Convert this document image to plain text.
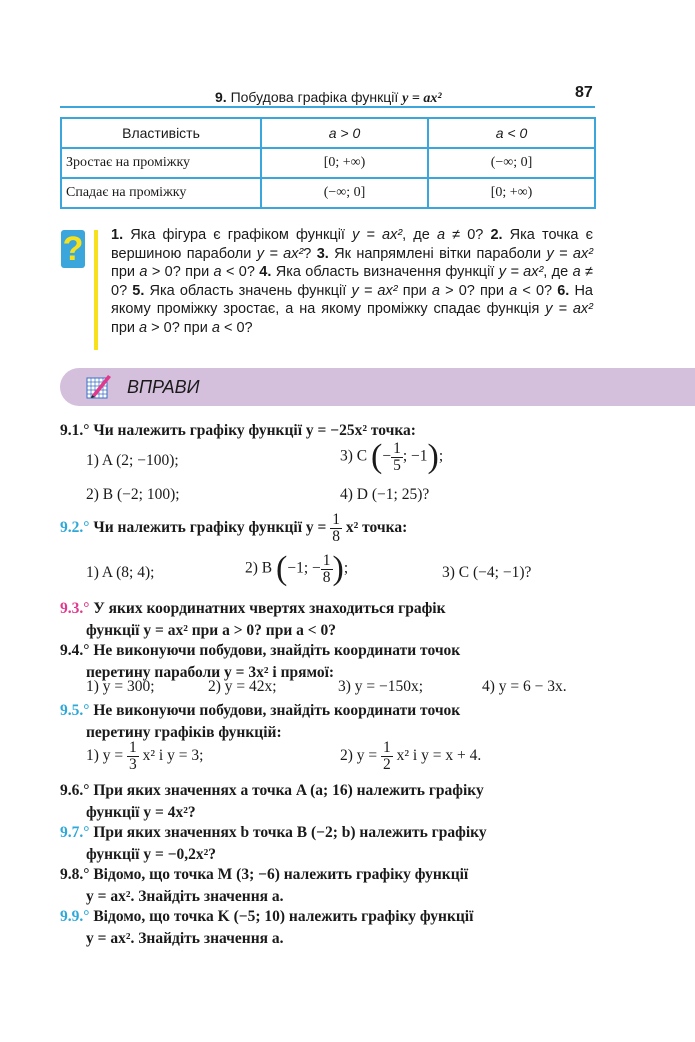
9. Побудова графіка функції y = ax²	87
Властивість	a > 0	a < 0
Зростає на проміжку	[0; +∞)	(−∞; 0]
Спадає на проміжку	(−∞; 0]	[0; +∞)
? 1. Яка фігура є графіком функції y = ax², де a ≠ 0? 2. Яка точка є вершиною параболи y = ax²? 3. Як напрямлені вітки параболи y = ax² при a > 0? при a < 0? 4. Яка область визначення функції y = ax², де a ≠ 0? 5. Яка область значень функції y = ax² при a > 0? при a < 0? 6. На якому проміжку зростає, а на якому проміжку спадає функція y = ax² при a > 0? при a < 0?
ВПРАВИ
9.1.° Чи належить графіку функції y = −25x² точка:
1) A (2; −100);	3) C (− $\frac{1}{5}$ ; −1);
2) B (−2; 100);	4) D (−1; 25)?
9.2.° Чи належить графіку функції $y = \frac{1}{8} x^2$ точка:
1) A (8; 4);	2) B (−1; − $\frac{1}{8}$ );	3) C (−4; −1)?
9.3.° У яких координатних чвертях знаходиться графік
функції y = ax² при a > 0? при a < 0?
9.4.° Не виконуючи побудови, знайдіть координати точок
перетину параболи y = 3x² і прямої:
1) y = 300;	2) y = 42x;	3) y = −150x;	4) y = 6 − 3x.
9.5.° Не виконуючи побудови, знайдіть координати точок
перетину графіків функцій:
1) $y = \frac{1}{3} x^2$ і y = 3;	2) $y = \frac{1}{2} x^2$ і y = x + 4.
9.6.° При яких значеннях a точка A (a; 16) належить графіку
функції y = 4x²?
9.7.° При яких значеннях b точка B (−2; b) належить графіку
функції y = −0,2x²?
9.8.° Відомо, що точка M (3; −6) належить графіку функції
y = ax². Знайдіть значення a.
9.9.° Відомо, що точка K (−5; 10) належить графіку функції
y = ax². Знайдіть значення a.
